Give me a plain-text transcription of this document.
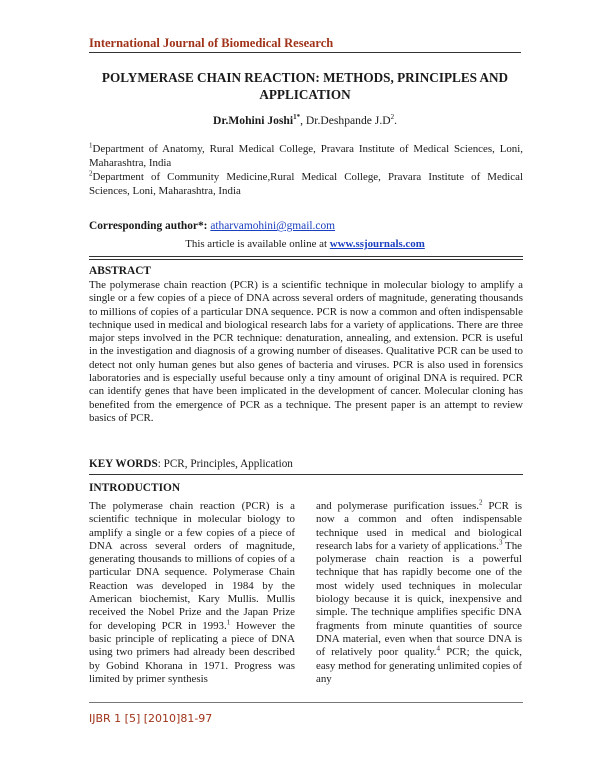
International Journal of Biomedical Research
POLYMERASE CHAIN REACTION: METHODS, PRINCIPLES AND APPLICATION
Dr.Mohini Joshi$^{1*}$, Dr.Deshpande $J.D^2$.
$^1$Department of Anatomy, Rural Medical College, Pravara Institute of Medical Sciences, Loni, Maharashtra, India
$^2$Department of Community Medicine,Rural Medical College, Pravara Institute of Medical Sciences, Loni, Maharashtra, India
Corresponding author*: atharvamohini@gmail.com
This article is available online at www.ssjournals.com
ABSTRACT
The polymerase chain reaction (PCR) is a scientific technique in molecular biology to amplify a single or a few copies of a piece of DNA across several orders of magnitude, generating thousands to millions of copies of a particular DNA sequence. PCR is now a common and often indispensable technique used in medical and biological research labs for a variety of applications. There are three major steps involved in the PCR technique: denaturation, annealing, and extension. PCR is useful in the investigation and diagnosis of a growing number of diseases. Qualitative PCR can be used to detect not only human genes but also genes of bacteria and viruses. PCR is also used in forensics laboratories and is especially useful because only a tiny amount of original DNA is required. PCR can identify genes that have been implicated in the development of cancer. Molecular cloning has benefited from the emergence of PCR as a technique. The present paper is an attempt to review basics of PCR.
KEY WORDS: PCR, Principles, Application
INTRODUCTION
The polymerase chain reaction (PCR) is a scientific technique in molecular biology to amplify a single or a few copies of a piece of DNA across several orders of magnitude, generating thousands to millions of copies of a particular DNA sequence. Polymerase Chain Reaction was developed in 1984 by the American biochemist, Kary Mullis. Mullis received the Nobel Prize and the Japan Prize for developing PCR in 1993.$^1$ However the basic principle of replicating a piece of DNA using two primers had already been described by Gobind Khorana in 1971. Progress was limited by primer synthesis
and polymerase purification issues.$^2$ PCR is now a common and often indispensable technique used in medical and biological research labs for a variety of applications.$^3$ The polymerase chain reaction is a powerful technique that has rapidly become one of the most widely used techniques in molecular biology because it is quick, inexpensive and simple. The technique amplifies specific DNA fragments from minute quantities of source DNA material, even when that source DNA is of relatively poor quality.$^4$ PCR; the quick, easy method for generating unlimited copies of any
IJBR 1 [5] [2010]81-97
